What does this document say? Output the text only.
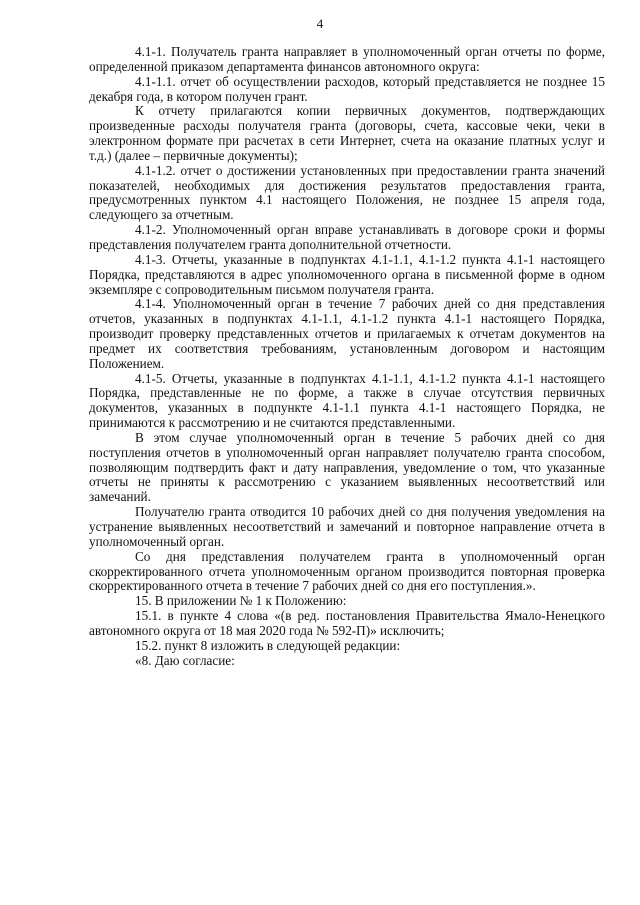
4

4.1-1. Получатель гранта направляет в уполномоченный орган отчеты по форме, определенной приказом департамента финансов автономного округа:

4.1-1.1. отчет об осуществлении расходов, который представляется не позднее 15 декабря года, в котором получен грант.

К отчету прилагаются копии первичных документов, подтверждающих произведенные расходы получателя гранта (договоры, счета, кассовые чеки, чеки в электронном формате при расчетах в сети Интернет, счета на оказание платных услуг и т.д.) (далее – первичные документы);

4.1-1.2. отчет о достижении установленных при предоставлении гранта значений показателей, необходимых для достижения результатов предоставления гранта, предусмотренных пунктом 4.1 настоящего Положения, не позднее 15 апреля года, следующего за отчетным.

4.1-2. Уполномоченный орган вправе устанавливать в договоре сроки и формы представления получателем гранта дополнительной отчетности.

4.1-3. Отчеты, указанные в подпунктах 4.1-1.1, 4.1-1.2 пункта 4.1-1 настоящего Порядка, представляются в адрес уполномоченного органа в письменной форме в одном экземпляре с сопроводительным письмом получателя гранта.

4.1-4. Уполномоченный орган в течение 7 рабочих дней со дня представления отчетов, указанных в подпунктах 4.1-1.1, 4.1-1.2 пункта 4.1-1 настоящего Порядка, производит проверку представленных отчетов и прилагаемых к отчетам документов на предмет их соответствия требованиям, установленным договором и настоящим Положением.

4.1-5. Отчеты, указанные в подпунктах 4.1-1.1, 4.1-1.2 пункта 4.1-1 настоящего Порядка, представленные не по форме, а также в случае отсутствия первичных документов, указанных в подпункте 4.1-1.1 пункта 4.1-1 настоящего Порядка, не принимаются к рассмотрению и не считаются представленными.

В этом случае уполномоченный орган в течение 5 рабочих дней со дня поступления отчетов в уполномоченный орган направляет получателю гранта способом, позволяющим подтвердить факт и дату направления, уведомление о том, что указанные отчеты не приняты к рассмотрению с указанием выявленных несоответствий или замечаний.

Получателю гранта отводится 10 рабочих дней со дня получения уведомления на устранение выявленных несоответствий и замечаний и повторное направление отчета в уполномоченный орган.

Со дня представления получателем гранта в уполномоченный орган скорректированного отчета уполномоченным органом производится повторная проверка скорректированного отчета в течение 7 рабочих дней со дня его поступления.».

15. В приложении № 1 к Положению:

15.1. в пункте 4 слова «(в ред. постановления Правительства Ямало-Ненецкого автономного округа от 18 мая 2020 года № 592-П)» исключить;

15.2. пункт 8 изложить в следующей редакции:

«8. Даю согласие:
